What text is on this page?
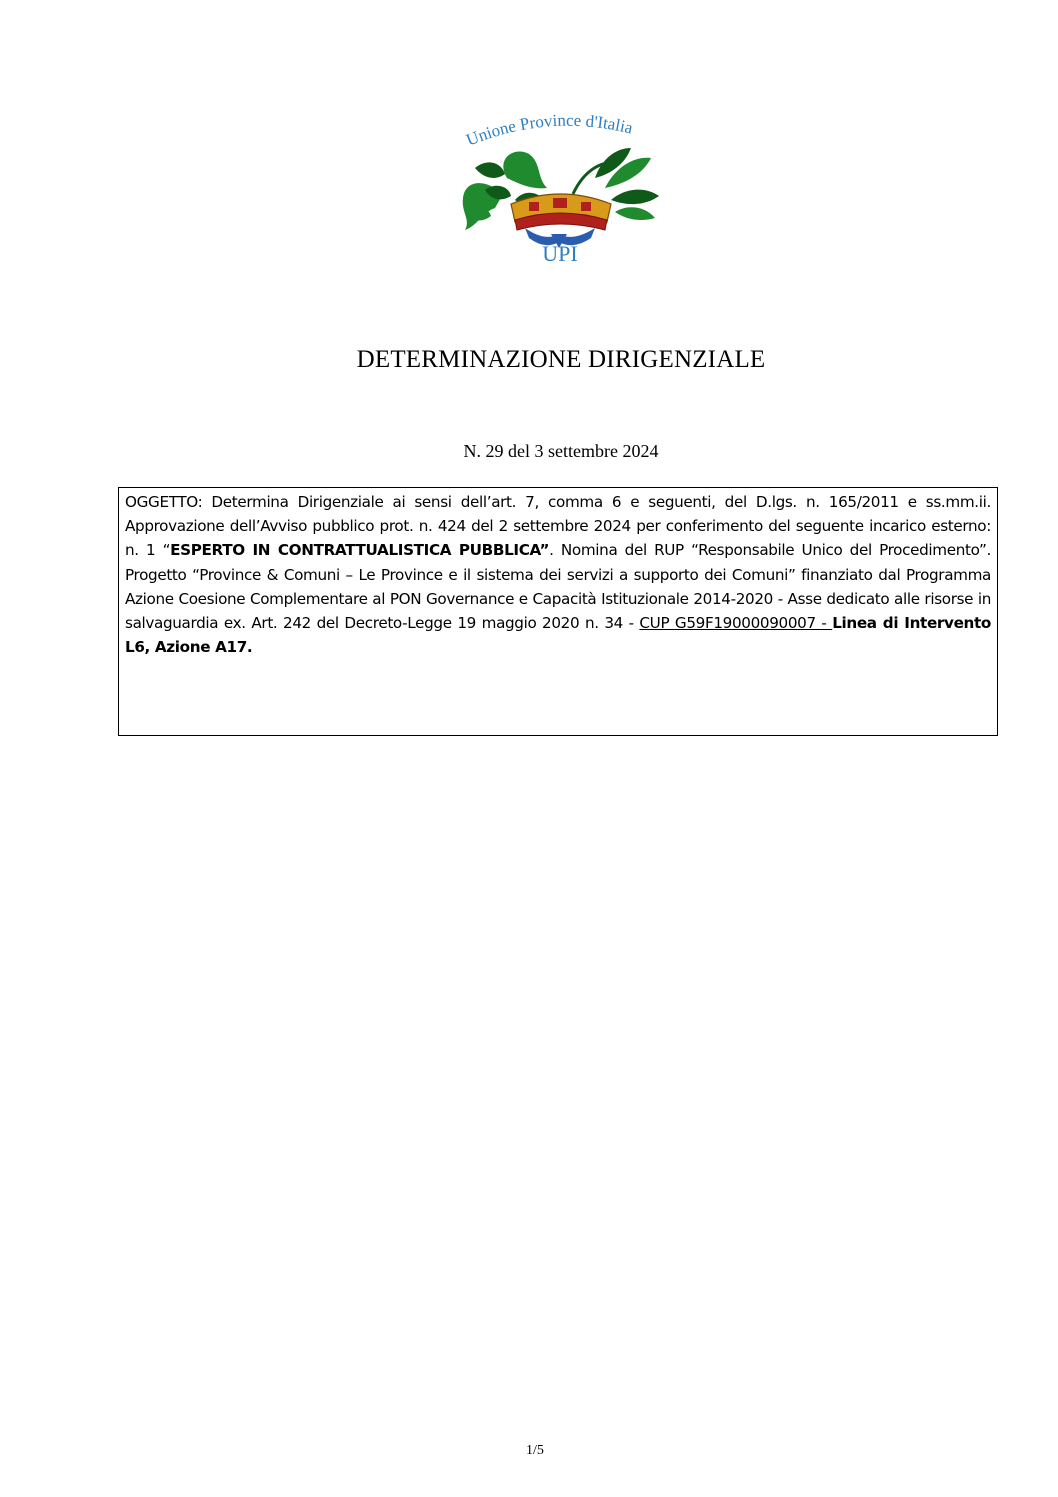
Unione Province d'Italia
UPI
DETERMINAZIONE DIRIGENZIALE
N. 29 del 3 settembre 2024

OGGETTO: Determina Dirigenziale ai sensi dell’art. 7, comma 6 e seguenti, del D.lgs. n. 165/2011 e ss.mm.ii. Approvazione dell’Avviso pubblico prot. n. 424 del 2 settembre 2024 per conferimento del seguente incarico esterno: n. 1 “ESPERTO IN CONTRATTUALISTICA PUBBLICA”. Nomina del RUP “Responsabile Unico del Procedimento”. Progetto “Province & Comuni – Le Province e il sistema dei servizi a supporto dei Comuni” finanziato dal Programma Azione Coesione Complementare al PON Governance e Capacità Istituzionale 2014-2020 - Asse dedicato alle risorse in salvaguardia ex. Art. 242 del Decreto-Legge 19 maggio 2020 n. 34 - CUP G59F19000090007 - Linea di Intervento L6, Azione A17.

1/5
